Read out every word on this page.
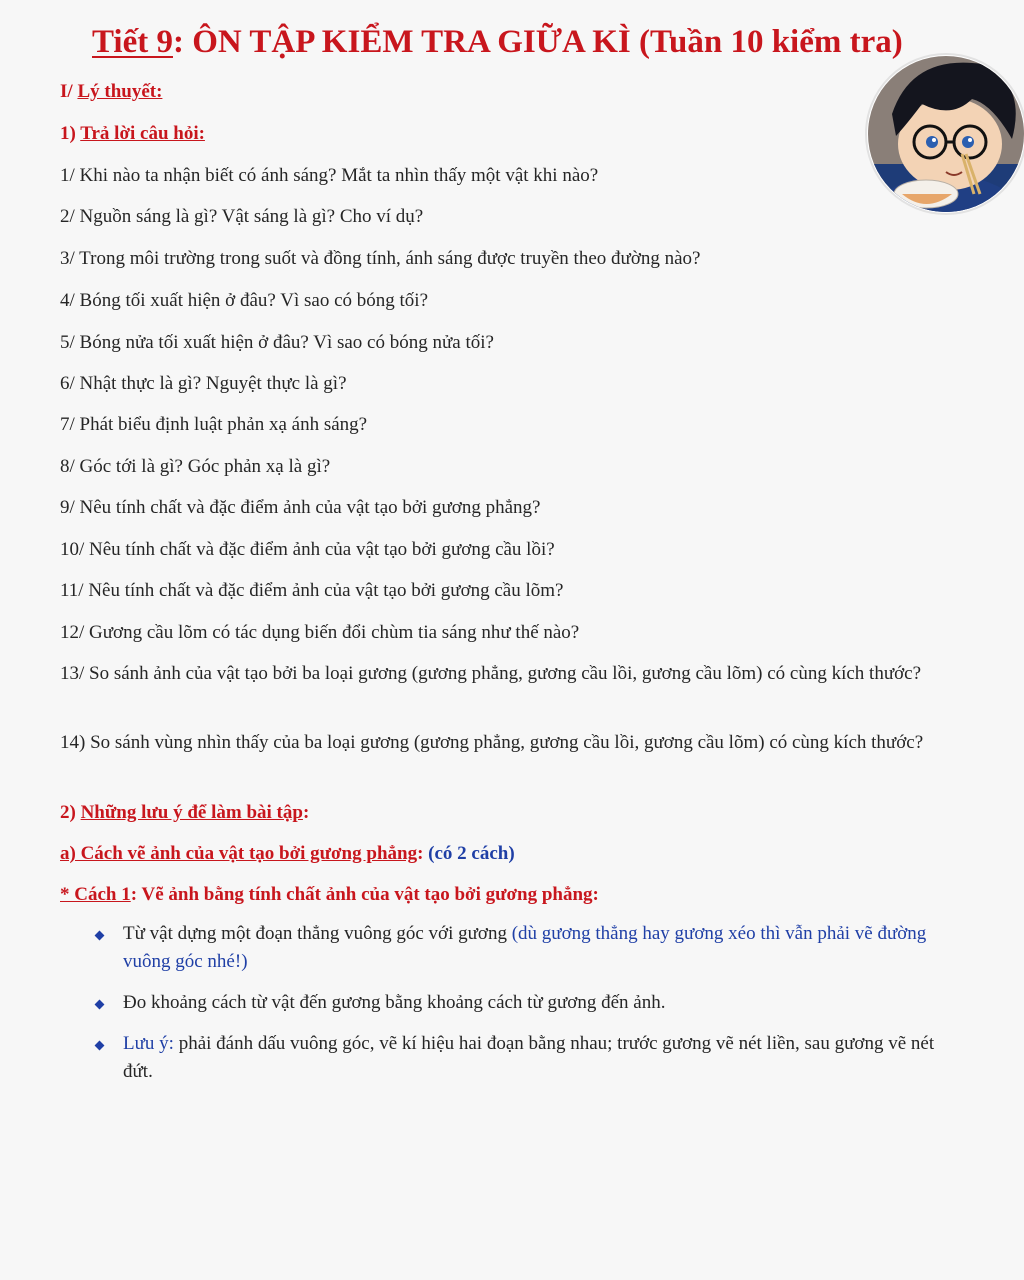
Tiết 9: ÔN TẬP KIỂM TRA GIỮA KÌ (Tuần 10 kiểm tra)
I/ Lý thuyết:
1) Trả lời câu hỏi:
1/ Khi nào ta nhận biết có ánh sáng? Mắt ta nhìn thấy một vật khi nào?
2/ Nguồn sáng là gì? Vật sáng là gì? Cho ví dụ?
3/ Trong môi trường trong suốt và đồng tính, ánh sáng được truyền theo đường nào?
4/ Bóng tối xuất hiện ở đâu? Vì sao có bóng tối?
5/ Bóng nửa tối xuất hiện ở đâu? Vì sao có bóng nửa tối?
6/ Nhật thực là gì? Nguyệt thực là gì?
7/ Phát biểu định luật phản xạ ánh sáng?
8/ Góc tới là gì? Góc phản xạ là gì?
9/ Nêu tính chất và đặc điểm ảnh của vật tạo bởi gương phẳng?
10/ Nêu tính chất và đặc điểm ảnh của vật tạo bởi gương cầu lồi?
11/ Nêu tính chất và đặc điểm ảnh của vật tạo bởi gương cầu lõm?
12/ Gương cầu lõm có tác dụng biến đổi chùm tia sáng như thế nào?
13/ So sánh ảnh của vật tạo bởi ba loại gương (gương phẳng, gương cầu lồi, gương cầu lõm) có cùng kích thước?
14) So sánh vùng nhìn thấy của ba loại gương (gương phẳng, gương cầu lồi, gương cầu lõm) có cùng kích thước?
2) Những lưu ý để làm bài tập:
a) Cách vẽ ảnh của vật tạo bởi gương phẳng: (có 2 cách)
* Cách 1: Vẽ ảnh bằng tính chất ảnh của vật tạo bởi gương phẳng:
Từ vật dựng một đoạn thẳng vuông góc với gương (dù gương thẳng hay gương xéo thì vẫn phải vẽ đường vuông góc nhé!)
Đo khoảng cách từ vật đến gương bằng khoảng cách từ gương đến ảnh.
Lưu ý: phải đánh dấu vuông góc, vẽ kí hiệu hai đoạn bằng nhau; trước gương vẽ nét liền, sau gương vẽ nét đứt.
